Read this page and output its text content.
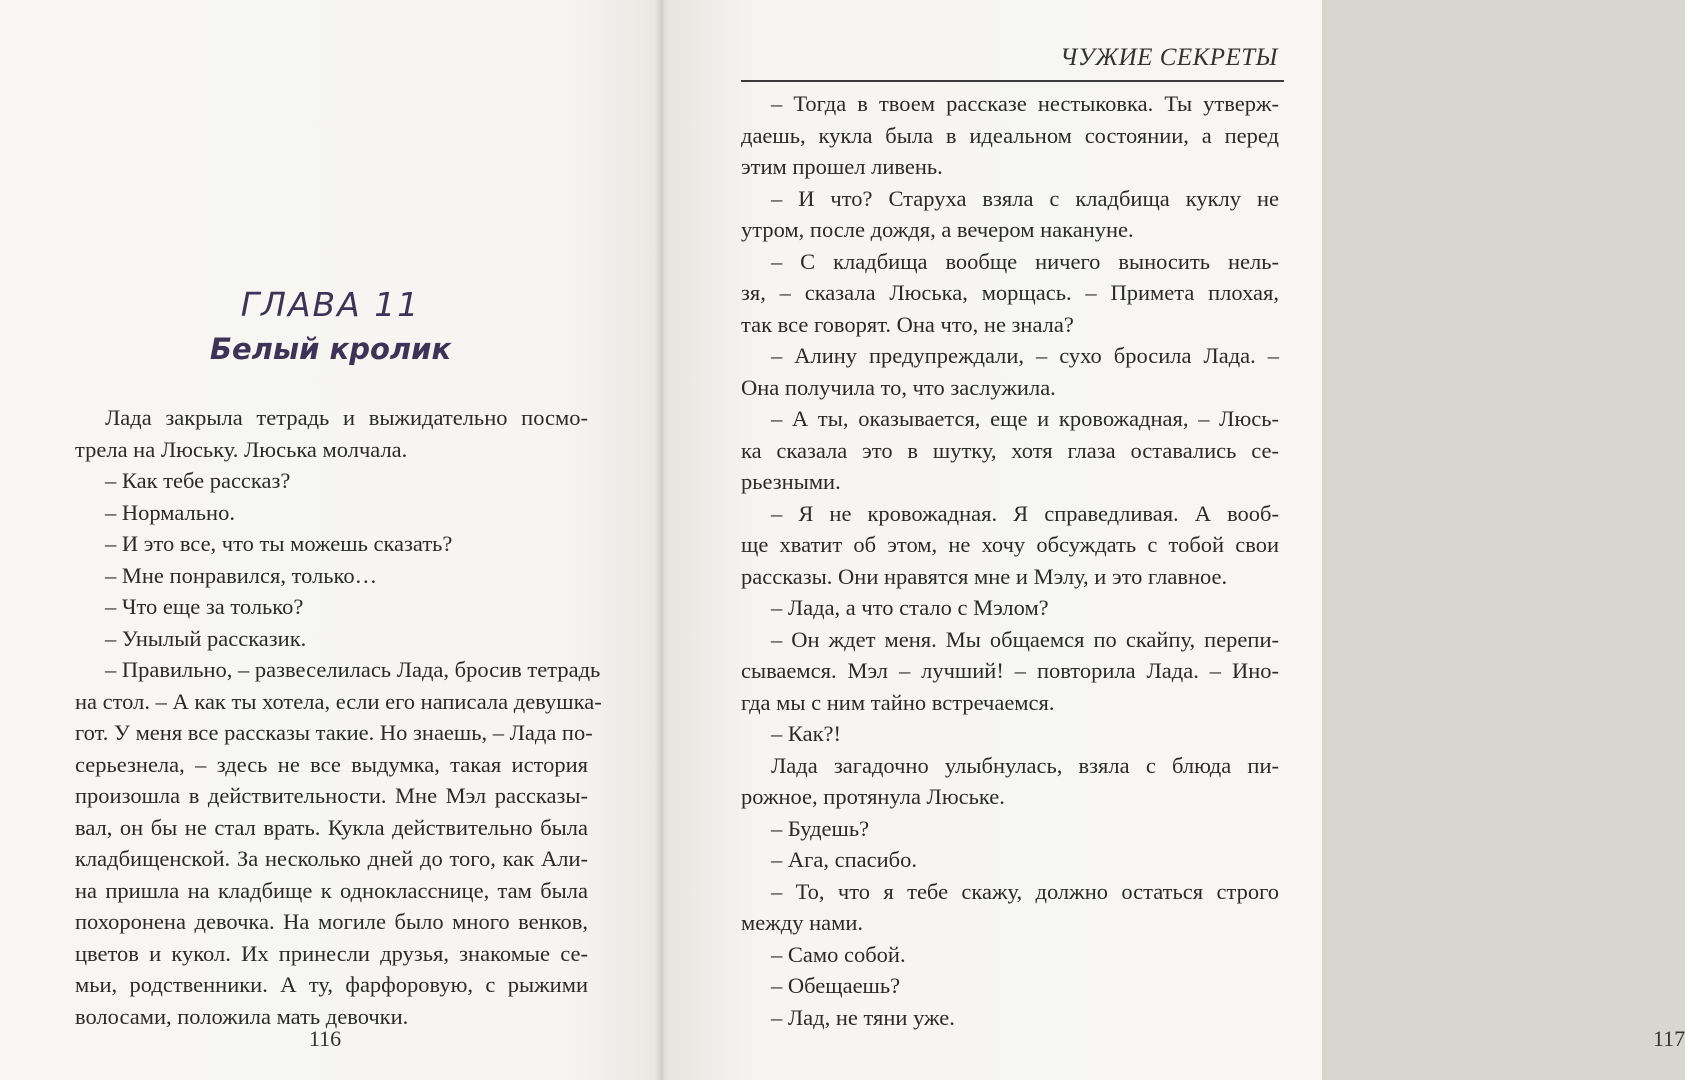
ГЛАВА 11
Белый кролик
Лада закрыла тетрадь и выжидательно посмо-
трела на Люську. Люська молчала.
– Как тебе рассказ?
– Нормально.
– И это все, что ты можешь сказать?
– Мне понравился, только…
– Что еще за только?
– Унылый рассказик.
– Правильно, – развеселилась Лада, бросив тетрадь
на стол. – А как ты хотела, если его написала девушка-
гот. У меня все рассказы такие. Но знаешь, – Лада по-
серьезнела, – здесь не все выдумка, такая история
произошла в действительности. Мне Мэл рассказы-
вал, он бы не стал врать. Кукла действительно была
кладбищенской. За несколько дней до того, как Али-
на пришла на кладбище к однокласснице, там была
похоронена девочка. На могиле было много венков,
цветов и кукол. Их принесли друзья, знакомые се-
мьи, родственники. А ту, фарфоровую, с рыжими
волосами, положила мать девочки.
116
ЧУЖИЕ СЕКРЕТЫ
117
– Тогда в твоем рассказе нестыковка. Ты утверж-
даешь, кукла была в идеальном состоянии, а перед
этим прошел ливень.
– И что? Старуха взяла с кладбища куклу не
утром, после дождя, а вечером накануне.
– С кладбища вообще ничего выносить нель-
зя, – сказала Люська, морщась. – Примета плохая,
так все говорят. Она что, не знала?
– Алину предупреждали, – сухо бросила Лада. –
Она получила то, что заслужила.
– А ты, оказывается, еще и кровожадная, – Люсь-
ка сказала это в шутку, хотя глаза оставались се-
рьезными.
– Я не кровожадная. Я справедливая. А вооб-
ще хватит об этом, не хочу обсуждать с тобой свои
рассказы. Они нравятся мне и Мэлу, и это главное.
– Лада, а что стало с Мэлом?
– Он ждет меня. Мы общаемся по скайпу, перепи-
сываемся. Мэл – лучший! – повторила Лада. – Ино-
гда мы с ним тайно встречаемся.
– Как?!
Лада загадочно улыбнулась, взяла с блюда пи-
рожное, протянула Люське.
– Будешь?
– Ага, спасибо.
– То, что я тебе скажу, должно остаться строго
между нами.
– Само собой.
– Обещаешь?
– Лад, не тяни уже.
